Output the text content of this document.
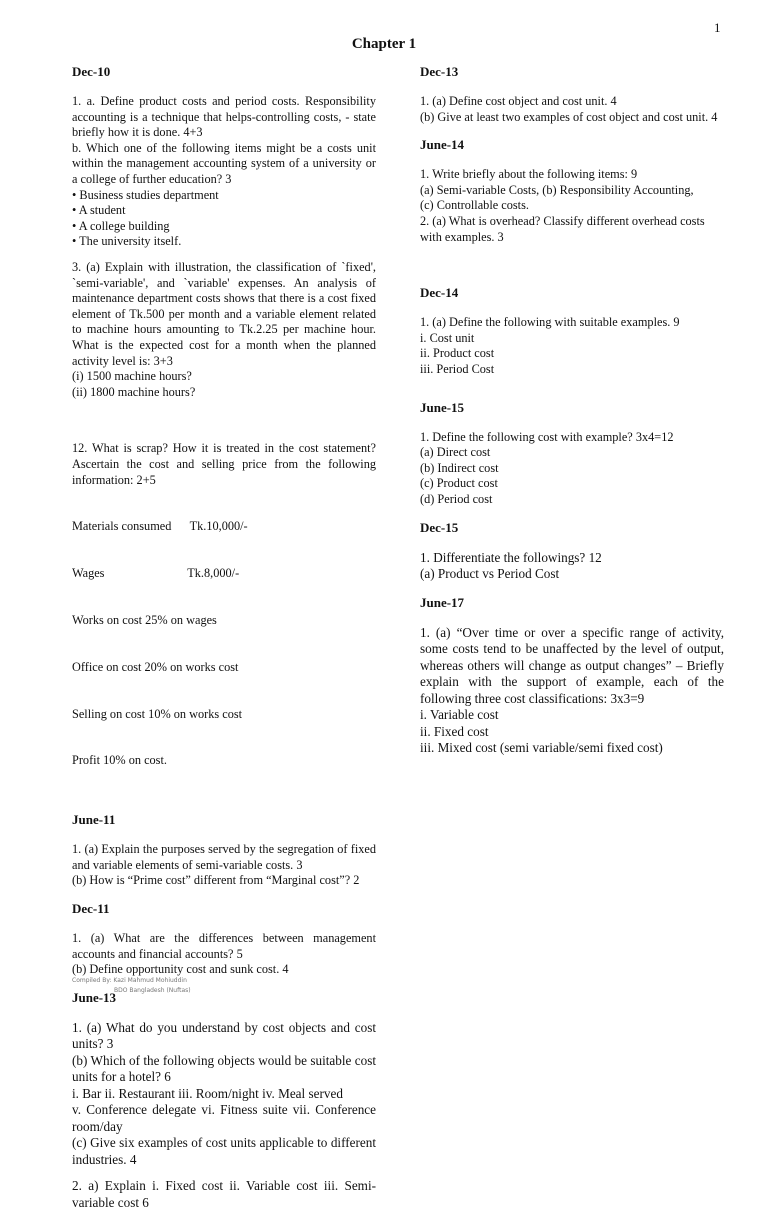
1
Chapter 1
Dec-10
1. a. Define product costs and period costs. Responsibility accounting is a technique that helps-controlling costs, - state briefly how it is done. 4+3
b. Which one of the following items might be a costs unit within the management accounting system of a university or a college of further education? 3
• Business studies department
• A student
• A college building
• The university itself.
3. (a) Explain with illustration, the classification of `fixed', `semi-variable', and `variable' expenses. An analysis of maintenance department costs shows that there is a cost fixed element of Tk.500 per month and a variable element related to machine hours amounting to Tk.2.25 per machine hour. What is the expected cost for a month when the planned activity level is: 3+3
(i) 1500 machine hours?
(ii) 1800 machine hours?

12. What is scrap? How it is treated in the cost statement? Ascertain the cost and selling price from the following information: 2+5

Materials consumed      Tk.10,000/-

Wages                           Tk.8,000/-

Works on cost 25% on wages

Office on cost 20% on works cost

Selling on cost 10% on works cost

Profit 10% on cost.

June-11
1. (a) Explain the purposes served by the segregation of fixed and variable elements of semi-variable costs. 3
(b) How is “Prime cost” different from “Marginal cost”? 2
Dec-11
1. (a) What are the differences between management accounts and financial accounts? 5
(b) Define opportunity cost and sunk cost. 4
June-13
1. (a) What do you understand by cost objects and cost units? 3
(b) Which of the following objects would be suitable cost units for a hotel? 6
i. Bar ii. Restaurant iii. Room/night iv. Meal served
v. Conference delegate vi. Fitness suite vii. Conference room/day
(c) Give six examples of cost units applicable to different industries. 4
2. a) Explain i. Fixed cost ii. Variable cost iii. Semi-variable cost 6
Dec-13
1. (a) Define cost object and cost unit. 4
(b) Give at least two examples of cost object and cost unit. 4
June-14
1. Write briefly about the following items: 9
(a) Semi-variable Costs, (b) Responsibility Accounting,
(c) Controllable costs.
2. (a) What is overhead? Classify different overhead costs with examples. 3
Dec-14
1. (a) Define the following with suitable examples. 9
i. Cost unit
ii. Product cost
iii. Period Cost
June-15
1. Define the following cost with example? 3x4=12
(a) Direct cost
(b) Indirect cost
(c) Product cost
(d) Period cost
Dec-15
1. Differentiate the followings? 12
(a) Product vs Period Cost
June-17
1. (a) “Over time or over a specific range of activity, some costs tend to be unaffected by the level of output, whereas others will change as output changes” – Briefly explain with the support of example, each of the following three cost classifications: 3x3=9
i. Variable cost
ii. Fixed cost
iii. Mixed cost (semi variable/semi fixed cost)
Compiled By: Kazi Mahmud Mohiuddin
BDO Bangladesh (Nuftas)
